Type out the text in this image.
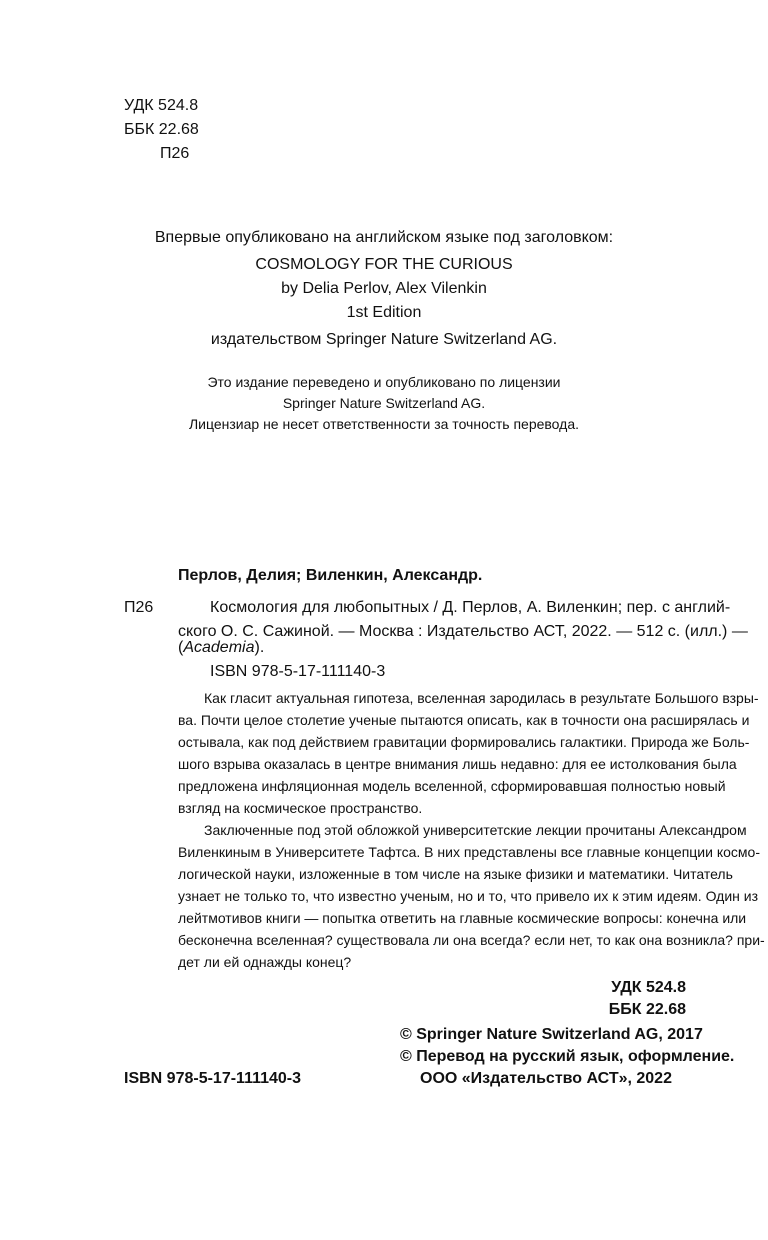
УДК 524.8
ББК 22.68
П26
Впервые опубликовано на английском языке под заголовком:
COSMOLOGY FOR THE CURIOUS
by Delia Perlov, Alex Vilenkin
1st Edition
издательством Springer Nature Switzerland AG.
Это издание переведено и опубликовано по лицензии
Springer Nature Switzerland AG.
Лицензиар не несет ответственности за точность перевода.
Перлов, Делия; Виленкин, Александр.
П26	Космология для любопытных / Д. Перлов, А. Виленкин; пер. с англий-
ского О. С. Сажиной. — Москва : Издательство АСТ, 2022. — 512 с. (илл.) —
(Academia).
ISBN 978-5-17-111140-3
Как гласит актуальная гипотеза, вселенная зародилась в результате Большого взры-
ва. Почти целое столетие ученые пытаются описать, как в точности она расширялась и
остывала, как под действием гравитации формировались галактики. Природа же Боль-
шого взрыва оказалась в центре внимания лишь недавно: для ее истолкования была
предложена инфляционная модель вселенной, сформировавшая полностью новый
взгляд на космическое пространство.
Заключенные под этой обложкой университетские лекции прочитаны Александром
Виленкиным в Университете Тафтса. В них представлены все главные концепции космо-
логической науки, изложенные в том числе на языке физики и математики. Читатель
узнает не только то, что известно ученым, но и то, что привело их к этим идеям. Один из
лейтмотивов книги — попытка ответить на главные космические вопросы: конечна или
бесконечна вселенная? существовала ли она всегда? если нет, то как она возникла? при-
дет ли ей однажды конец?
УДК 524.8
ББК 22.68
ISBN 978-5-17-111140-3
© Springer Nature Switzerland AG, 2017
© Перевод на русский язык, оформление.
ООО «Издательство АСТ», 2022
